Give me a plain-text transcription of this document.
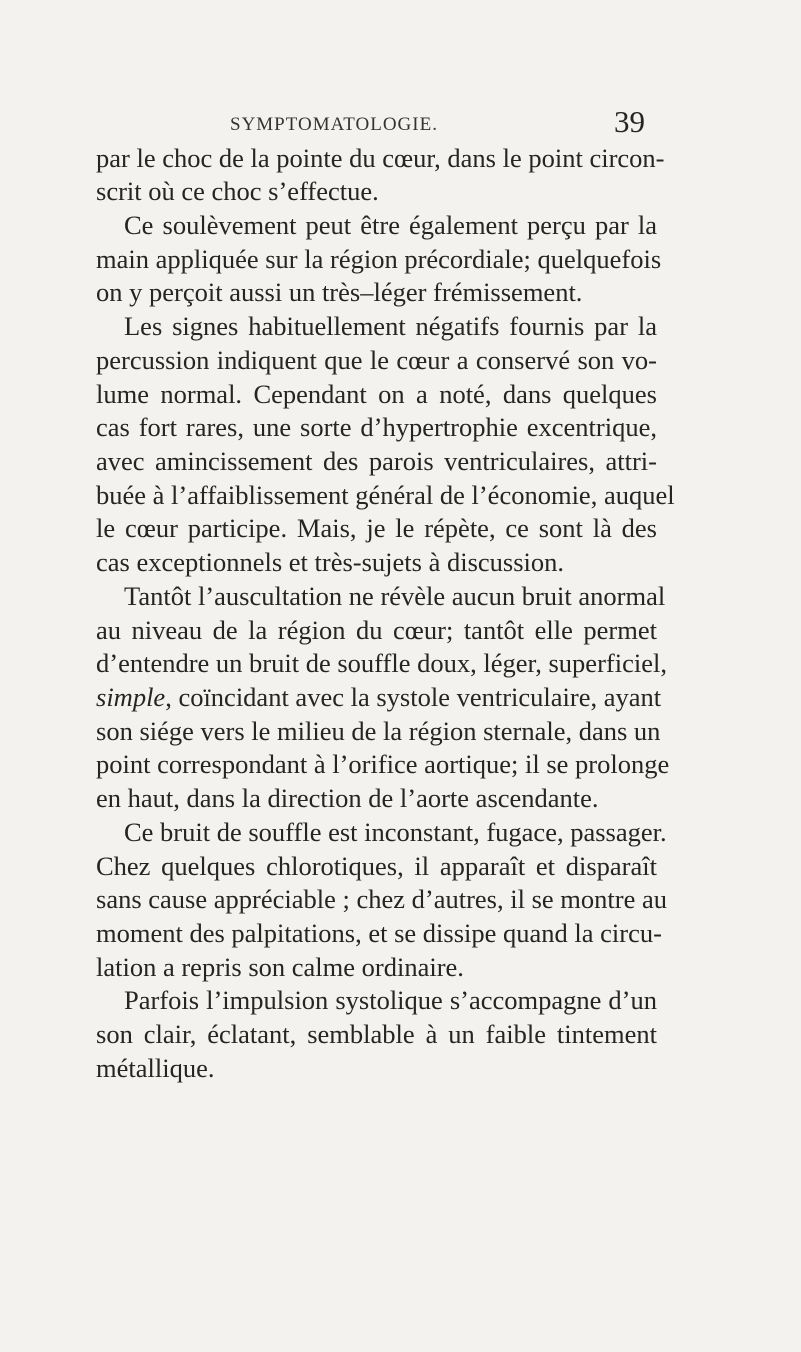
SYMPTOMATOLOGIE.	39
par le choc de la pointe du cœur, dans le point circon-
scrit où ce choc s’effectue.
Ce soulèvement peut être également perçu par la
main appliquée sur la région précordiale; quelquefois
on y perçoit aussi un très–léger frémissement.
Les signes habituellement négatifs fournis par la
percussion indiquent que le cœur a conservé son vo-
lume normal. Cependant on a noté, dans quelques
cas fort rares, une sorte d’hypertrophie excentrique,
avec amincissement des parois ventriculaires, attri-
buée à l’affaiblissement général de l’économie, auquel
le cœur participe. Mais, je le répète, ce sont là des
cas exceptionnels et très-sujets à discussion.
Tantôt l’auscultation ne révèle aucun bruit anormal
au niveau de la région du cœur; tantôt elle permet
d’entendre un bruit de souffle doux, léger, superficiel,
simple, coïncidant avec la systole ventriculaire, ayant
son siége vers le milieu de la région sternale, dans un
point correspondant à l’orifice aortique; il se prolonge
en haut, dans la direction de l’aorte ascendante.
Ce bruit de souffle est inconstant, fugace, passager.
Chez quelques chlorotiques, il apparaît et disparaît
sans cause appréciable ; chez d’autres, il se montre au
moment des palpitations, et se dissipe quand la circu-
lation a repris son calme ordinaire.
Parfois l’impulsion systolique s’accompagne d’un
son clair, éclatant, semblable à un faible tintement
métallique.
